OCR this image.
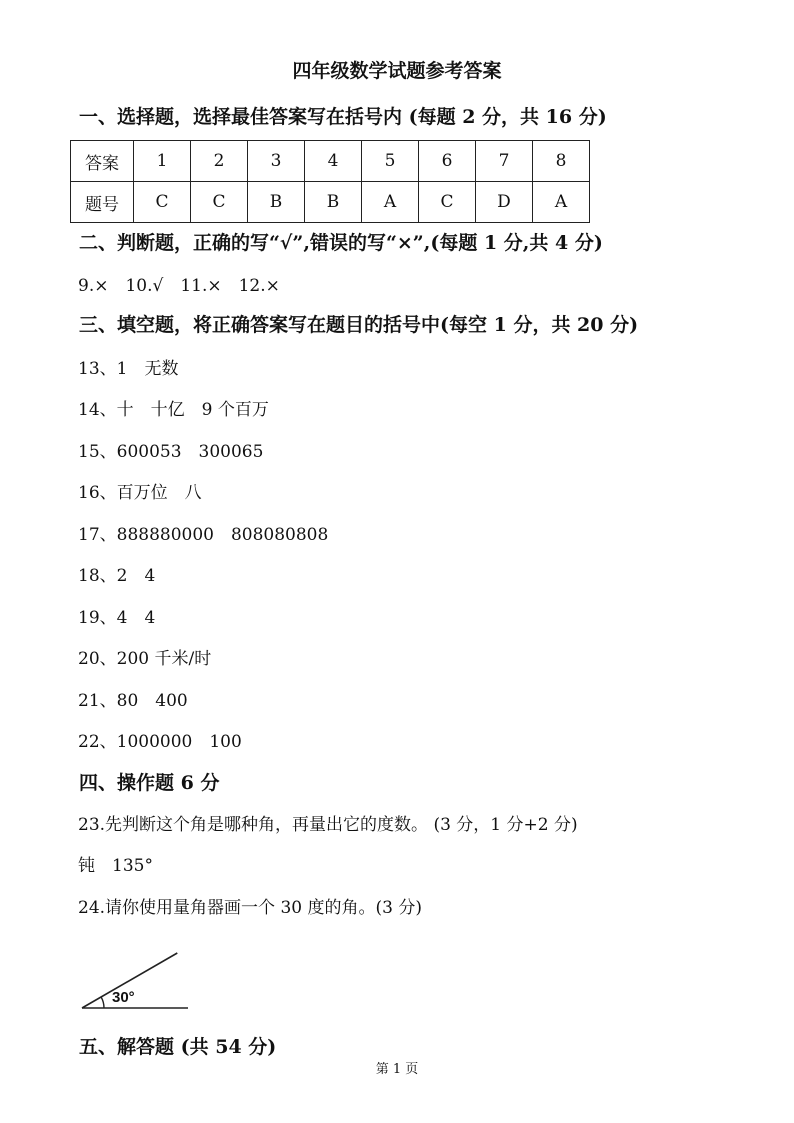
四年级数学试题参考答案
一、选择题，选择最佳答案写在括号内 (每题 2 分，共 16 分)
答案	1	2	3	4	5	6	7	8
题号	C	C	B	B	A	C	D	A
二、判断题，正确的写“√”,错误的写“×”,(每题 1 分,共 4 分)
9.×　10.√　11.×　12.×
三、填空题，将正确答案写在题目的括号中(每空 1 分，共 20 分)
13、1　无数
14、十　十亿　9 个百万
15、600053　300065
16、百万位　八
17、888880000　808080808
18、2　4
19、4　4
20、200 千米/时
21、80　400
22、1000000　100
四、操作题 6 分
23.先判断这个角是哪种角，再量出它的度数。 (3 分，1 分+2 分)
钝　135°
24.请你使用量角器画一个 30 度的角。(3 分)
30°
五、解答题 (共 54 分)
第 1 页
